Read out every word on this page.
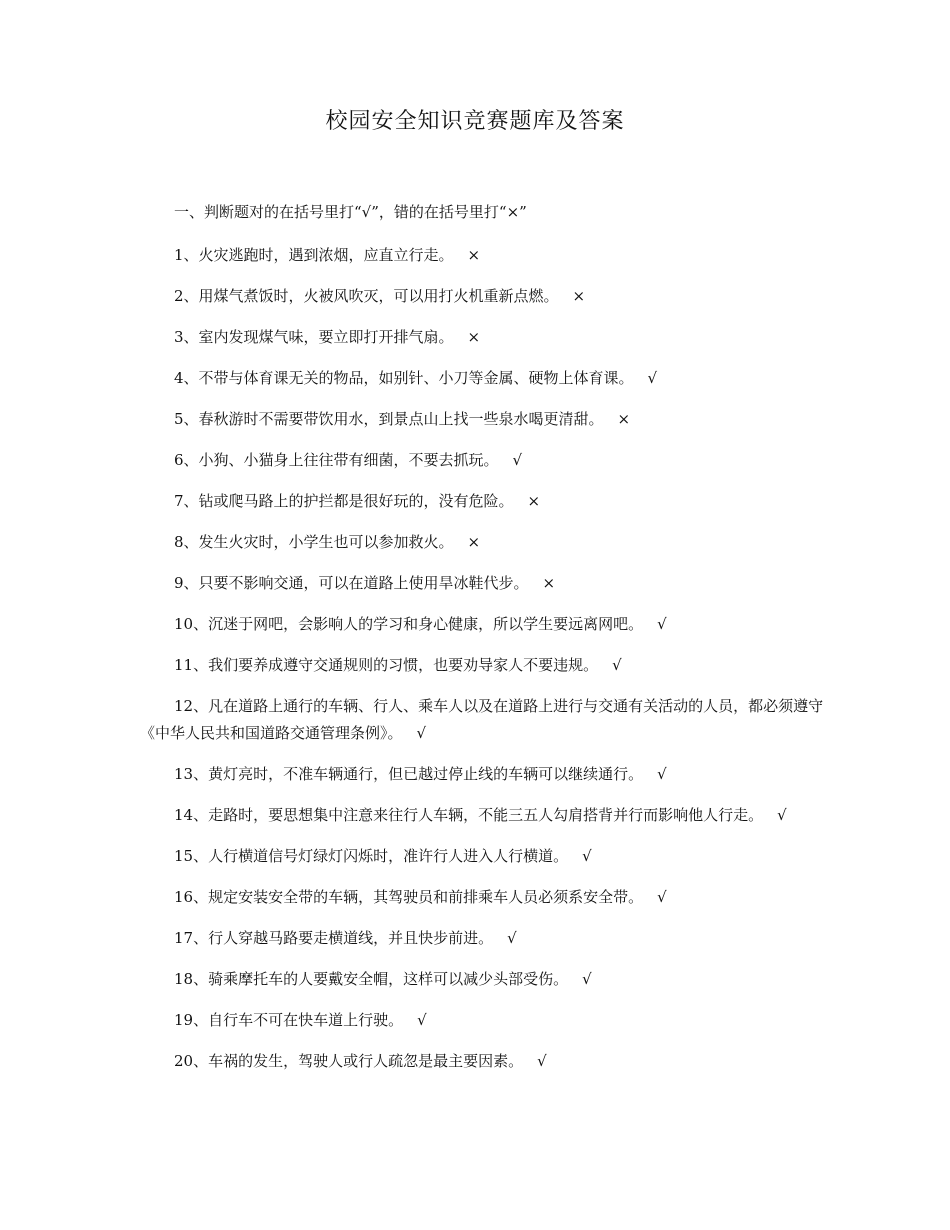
校园安全知识竞赛题库及答案

一、判断题对的在括号里打“√”，错的在括号里打“×”

1、火灾逃跑时，遇到浓烟，应直立行走。 ×
2、用煤气煮饭时，火被风吹灭，可以用打火机重新点燃。 ×
3、室内发现煤气味，要立即打开排气扇。 ×
4、不带与体育课无关的物品，如别针、小刀等金属、硬物上体育课。 √
5、春秋游时不需要带饮用水，到景点山上找一些泉水喝更清甜。 ×
6、小狗、小猫身上往往带有细菌，不要去抓玩。 √
7、钻或爬马路上的护拦都是很好玩的，没有危险。 ×
8、发生火灾时，小学生也可以参加救火。 ×
9、只要不影响交通，可以在道路上使用旱冰鞋代步。 ×
10、沉迷于网吧，会影响人的学习和身心健康，所以学生要远离网吧。 √
11、我们要养成遵守交通规则的习惯，也要劝导家人不要违规。 √
12、凡在道路上通行的车辆、行人、乘车人以及在道路上进行与交通有关活动的人员，都必须遵守《中华人民共和国道路交通管理条例》。 √
13、黄灯亮时，不准车辆通行，但已越过停止线的车辆可以继续通行。 √
14、走路时，要思想集中注意来往行人车辆，不能三五人勾肩搭背并行而影响他人行走。 √
15、人行横道信号灯绿灯闪烁时，准许行人进入人行横道。 √
16、规定安装安全带的车辆，其驾驶员和前排乘车人员必须系安全带。 √
17、行人穿越马路要走横道线，并且快步前进。 √
18、骑乘摩托车的人要戴安全帽，这样可以减少头部受伤。 √
19、自行车不可在快车道上行驶。 √
20、车祸的发生，驾驶人或行人疏忽是最主要因素。 √
